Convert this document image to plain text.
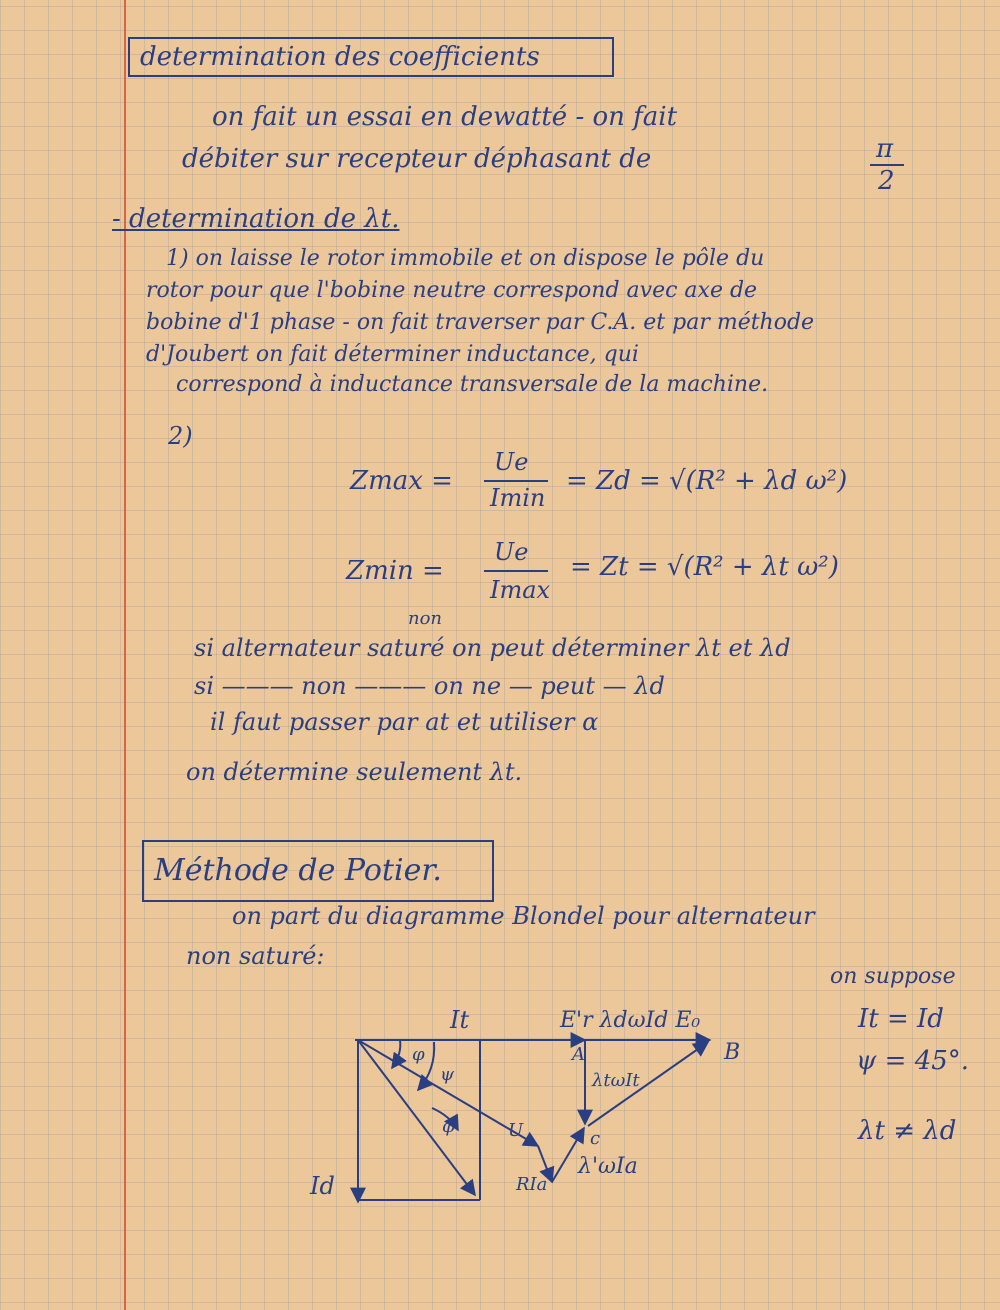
determination des coefficients
on fait un essai en dewatté - on fait
débiter sur recepteur déphasant de	π
2
- determination de λt.
1) on laisse le rotor immobile et on dispose le pôle du
rotor pour que l'bobine neutre correspond avec axe de
bobine d'1 phase - on fait traverser par C.A. et par méthode
d'Joubert on fait déterminer inductance, qui
correspond à inductance transversale de la machine.
2)
Zmax =
Ue
Imin
= Zd = √(R² + λd ω²)
Zmin =
Ue
Imax
= Zt = √(R² + λt ω²)
non
si alternateur saturé on peut déterminer λt et λd
si ——— non ——— on ne — peut — λd
il faut passer par at et utiliser α
on détermine seulement λt.
Méthode de Potier.
on part du diagramme Blondel pour alternateur
non saturé:
on suppose
It = Id
ψ = 45°.
λt ≠ λd
It	E'r λdωId E₀
A	B
c
U
φ
ψ
φ
λtωIt
λ'ωIa
Id	RIa
